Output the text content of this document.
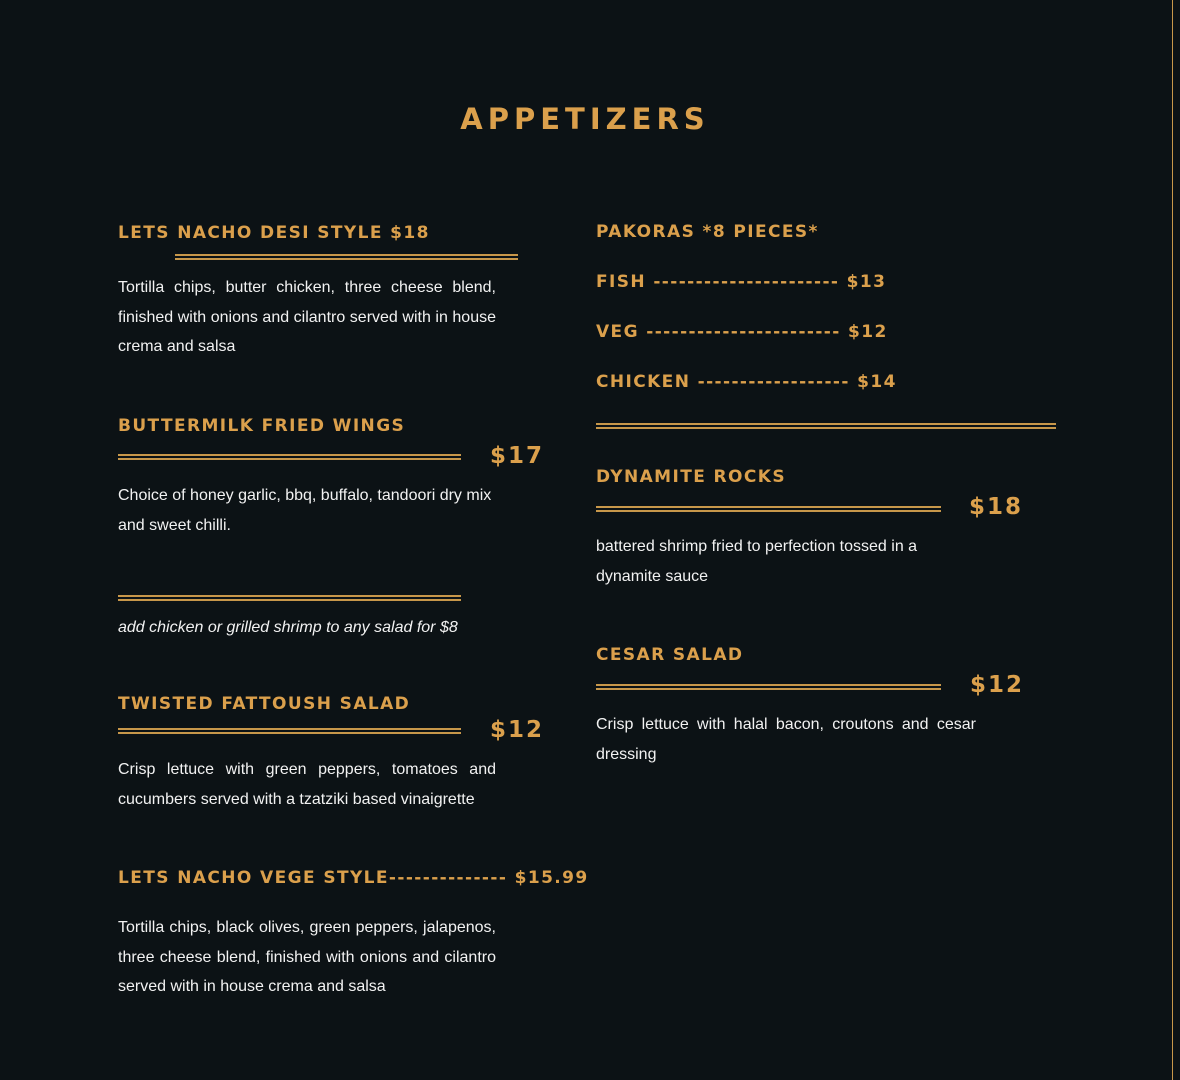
APPETIZERS
LETS NACHO DESI STYLE $18
Tortilla chips, butter chicken, three cheese blend, finished with onions and cilantro served with in house crema and salsa
BUTTERMILK FRIED WINGS
$17
Choice of honey garlic, bbq, buffalo, tandoori dry mix and sweet chilli.
add chicken or grilled shrimp to any salad for $8
TWISTED FATTOUSH SALAD
$12
Crisp lettuce with green peppers, tomatoes and cucumbers served with a tzatziki based vinaigrette
LETS NACHO VEGE STYLE-------------- $15.99
Tortilla chips, black olives, green peppers, jalapenos, three cheese blend, finished with onions and cilantro served with in house crema and salsa
PAKORAS *8 PIECES*
FISH ---------------------- $13
VEG ----------------------- $12
CHICKEN ------------------ $14
DYNAMITE ROCKS
$18
battered shrimp fried to perfection tossed in a dynamite sauce
CESAR SALAD
$12
Crisp lettuce with halal bacon, croutons and cesar dressing
